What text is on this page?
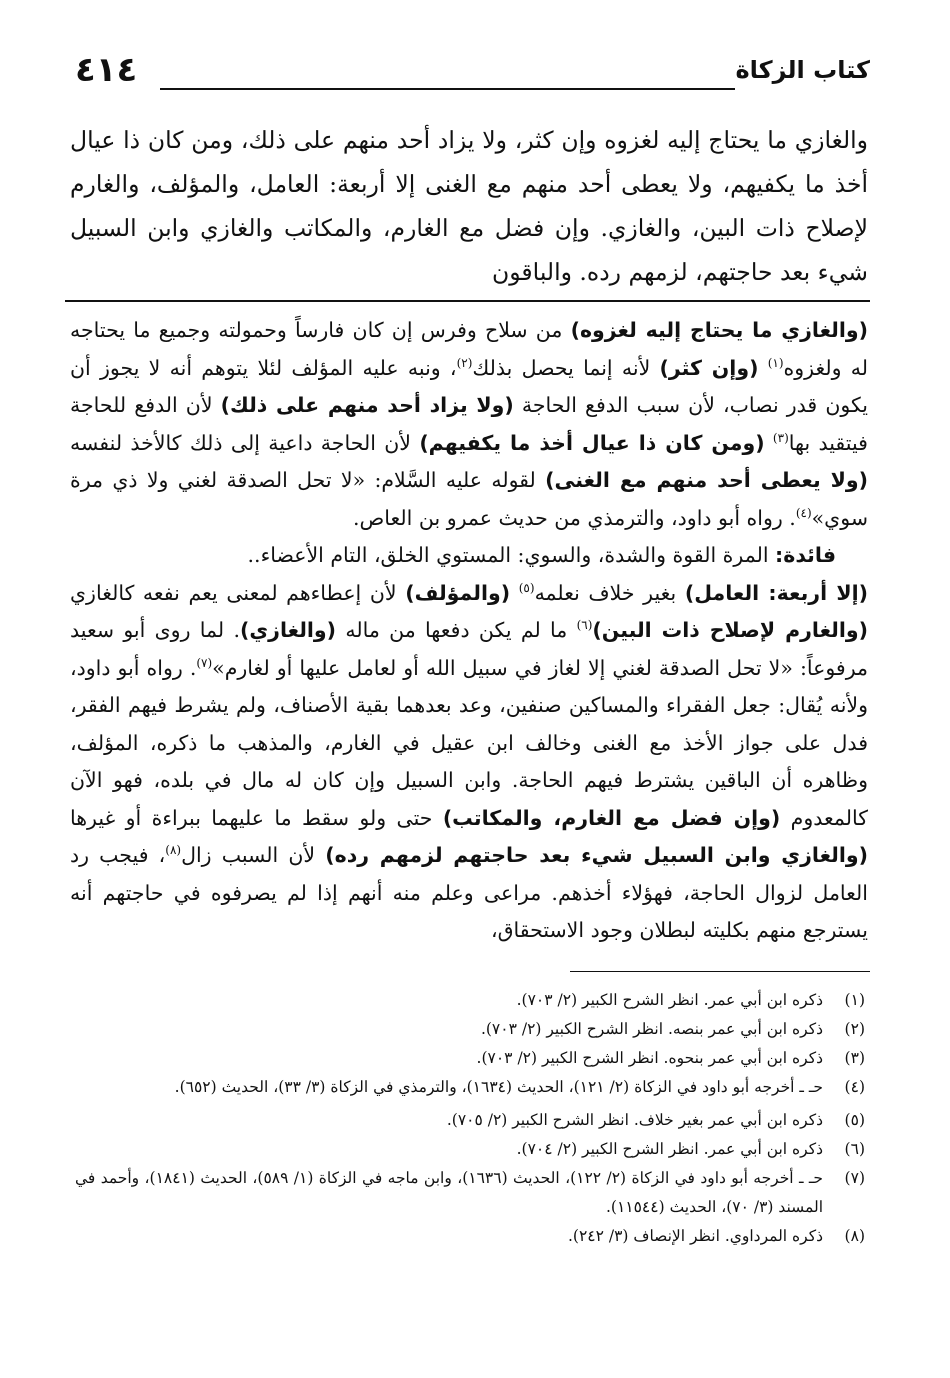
كتاب الزكاة
٤١٤

والغازي ما يحتاج إليه لغزوه وإن كثر، ولا يزاد أحد منهم على ذلك، ومن كان ذا عيال أخذ ما يكفيهم، ولا يعطى أحد منهم مع الغنى إلا أربعة: العامل، والمؤلف، والغارم لإصلاح ذات البين، والغازي. وإن فضل مع الغارم، والمكاتب والغازي وابن السبيل شيء بعد حاجتهم، لزمهم رده. والباقون

(والغازي ما يحتاج إليه لغزوه) من سلاح وفرس إن كان فارساً وحمولته وجميع ما يحتاجه له ولغزوه$^{(١)}$ (وإن كثر) لأنه إنما يحصل بذلك$^{(٢)}$، ونبه عليه المؤلف لئلا يتوهم أنه لا يجوز أن يكون قدر نصاب، لأن سبب الدفع الحاجة (ولا يزاد أحد منهم على ذلك) لأن الدفع للحاجة فيتقيد بها$^{(٣)}$ (ومن كان ذا عيال أخذ ما يكفيهم) لأن الحاجة داعية إلى ذلك كالأخذ لنفسه (ولا يعطى أحد منهم مع الغنى) لقوله عليه السَّلام: «لا تحل الصدقة لغني ولا ذي مرة سوي»$^{(٤)}$. رواه أبو داود، والترمذي من حديث عمرو بن العاص.

فائدة: المرة القوة والشدة، والسوي: المستوي الخلق، التام الأعضاء..

(إلا أربعة: العامل) بغير خلاف نعلمه$^{(٥)}$ (والمؤلف) لأن إعطاءهم لمعنى يعم نفعه كالغازي (والغارم لإصلاح ذات البين)$^{(٦)}$ ما لم يكن دفعها من ماله (والغازي). لما روى أبو سعيد مرفوعاً: «لا تحل الصدقة لغني إلا لغاز في سبيل الله أو لعامل عليها أو لغارم»$^{(٧)}$. رواه أبو داود، ولأنه يُقال: جعل الفقراء والمساكين صنفين، وعد بعدهما بقية الأصناف، ولم يشرط فيهم الفقر، فدل على جواز الأخذ مع الغنى وخالف ابن عقيل في الغارم، والمذهب ما ذكره، المؤلف، وظاهره أن الباقين يشترط فيهم الحاجة. وابن السبيل وإن كان له مال في بلده، فهو الآن كالمعدوم (وإن فضل مع الغارم، والمكاتب) حتى ولو سقط ما عليهما ببراءة أو غيرها (والغازي وابن السبيل شيء بعد حاجتهم لزمهم رده) لأن السبب زال$^{(٨)}$، فيجب رد العامل لزوال الحاجة، فهؤلاء أخذهم. مراعى وعلم منه أنهم إذا لم يصرفوه في حاجتهم أنه يسترجع منهم بكليته لبطلان وجود الاستحقاق،

(١)
ذكره ابن أبي عمر. انظر الشرح الكبير (٢/ ٧٠٣).
(٢)
ذكره ابن أبي عمر بنصه. انظر الشرح الكبير (٢/ ٧٠٣).
(٣)
ذكره ابن أبي عمر بنحوه. انظر الشرح الكبير (٢/ ٧٠٣).
(٤)
حـ ـ أخرجه أبو داود في الزكاة (٢/ ١٢١)، الحديث (١٦٣٤)، والترمذي في الزكاة (٣/ ٣٣)، الحديث (٦٥٢).
(٥)
ذكره ابن أبي عمر بغير خلاف. انظر الشرح الكبير (٢/ ٧٠٥).
(٦)
ذكره ابن أبي عمر. انظر الشرح الكبير (٢/ ٧٠٤).
(٧)
حـ ـ أخرجه أبو داود في الزكاة (٢/ ١٢٢)، الحديث (١٦٣٦)، وابن ماجه في الزكاة (١/ ٥٨٩)، الحديث (١٨٤١)، وأحمد في المسند (٣/ ٧٠)، الحديث (١١٥٤٤).
(٨)
ذكره المرداوي. انظر الإنصاف (٣/ ٢٤٢).
